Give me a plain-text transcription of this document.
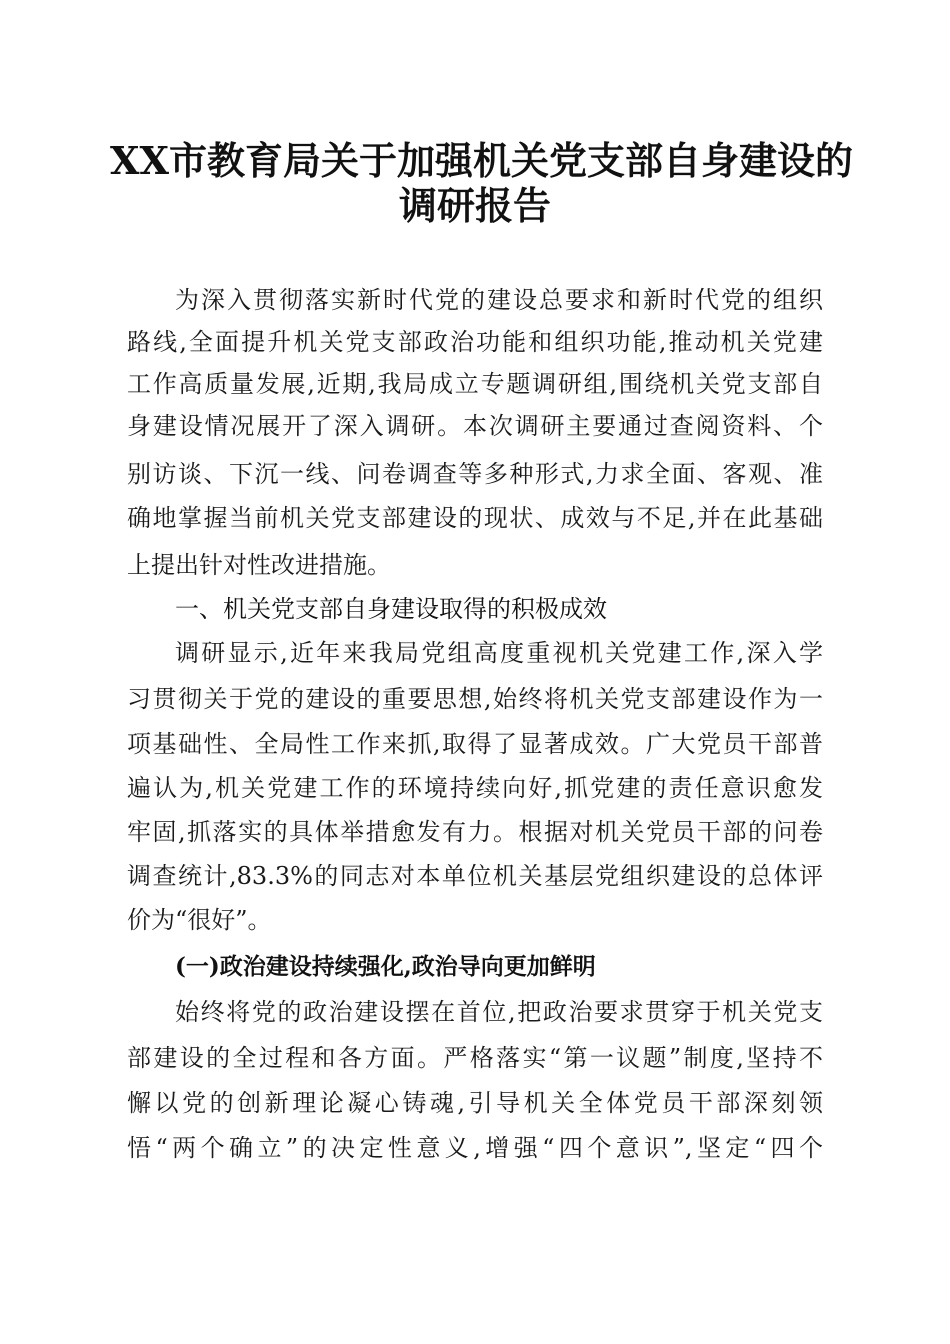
XX市教育局关于加强机关党支部自身建设的
调研报告
为深入贯彻落实新时代党的建设总要求和新时代党的组织
路线,全面提升机关党支部政治功能和组织功能,推动机关党建
工作高质量发展,近期,我局成立专题调研组,围绕机关党支部自
身建设情况展开了深入调研。本次调研主要通过查阅资料、个
别访谈、下沉一线、问卷调查等多种形式,力求全面、客观、准
确地掌握当前机关党支部建设的现状、成效与不足,并在此基础
上提出针对性改进措施。
一、机关党支部自身建设取得的积极成效
调研显示,近年来我局党组高度重视机关党建工作,深入学
习贯彻关于党的建设的重要思想,始终将机关党支部建设作为一
项基础性、全局性工作来抓,取得了显著成效。广大党员干部普
遍认为,机关党建工作的环境持续向好,抓党建的责任意识愈发
牢固,抓落实的具体举措愈发有力。根据对机关党员干部的问卷
调查统计,83.3%的同志对本单位机关基层党组织建设的总体评
价为“很好”。
(一)政治建设持续强化,政治导向更加鲜明
始终将党的政治建设摆在首位,把政治要求贯穿于机关党支
部建设的全过程和各方面。严格落实“第一议题”制度,坚持不
懈以党的创新理论凝心铸魂,引导机关全体党员干部深刻领
悟“两个确立”的决定性意义,增强“四个意识”,坚定“四个
